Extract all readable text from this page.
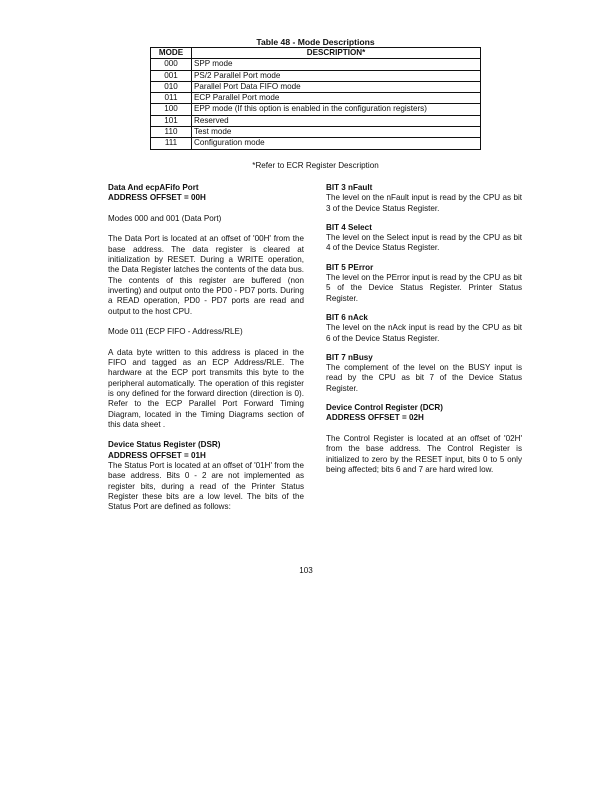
Table 48 - Mode Descriptions
MODE	DESCRIPTION*
000	SPP mode
001	PS/2 Parallel Port mode
010	Parallel Port Data FIFO mode
011	ECP Parallel Port mode
100	EPP mode (If this option is enabled in the configuration registers)
101	Reserved
110	Test mode
111	Configuration mode
*Refer to ECR Register Description
Data And ecpAFifo Port
ADDRESS OFFSET = 00H

Modes 000 and 001 (Data Port)

The Data Port is located at an offset of '00H' from the base address. The data register is cleared at initialization by RESET. During a WRITE operation, the Data Register latches the contents of the data bus. The contents of this register are buffered (non inverting) and output onto the PD0 - PD7 ports. During a READ operation, PD0 - PD7 ports are read and output to the host CPU.

Mode 011 (ECP FIFO - Address/RLE)

A data byte written to this address is placed in the FIFO and tagged as an ECP Address/RLE. The hardware at the ECP port transmits this byte to the peripheral automatically. The operation of this register is ony defined for the forward direction (direction is 0). Refer to the ECP Parallel Port Forward Timing Diagram, located in the Timing Diagrams section of this data sheet .

Device Status Register (DSR)
ADDRESS OFFSET = 01H

The Status Port is located at an offset of '01H' from the base address. Bits 0 - 2 are not implemented as register bits, during a read of the Printer Status Register these bits are a low level. The bits of the Status Port are defined as follows:

BIT 3 nFault

The level on the nFault input is read by the CPU as bit 3 of the Device Status Register.

BIT 4 Select

The level on the Select input is read by the CPU as bit 4 of the Device Status Register.

BIT 5 PError

The level on the PError input is read by the CPU as bit 5 of the Device Status Register. Printer Status Register.

BIT 6 nAck

The level on the nAck input is read by the CPU as bit 6 of the Device Status Register.

BIT 7 nBusy

The complement of the level on the BUSY input is read by the CPU as bit 7 of the Device Status Register.

Device Control Register (DCR)
ADDRESS OFFSET = 02H

The Control Register is located at an offset of '02H' from the base address. The Control Register is initialized to zero by the RESET input, bits 0 to 5 only being affected; bits 6 and 7 are hard wired low.

103
